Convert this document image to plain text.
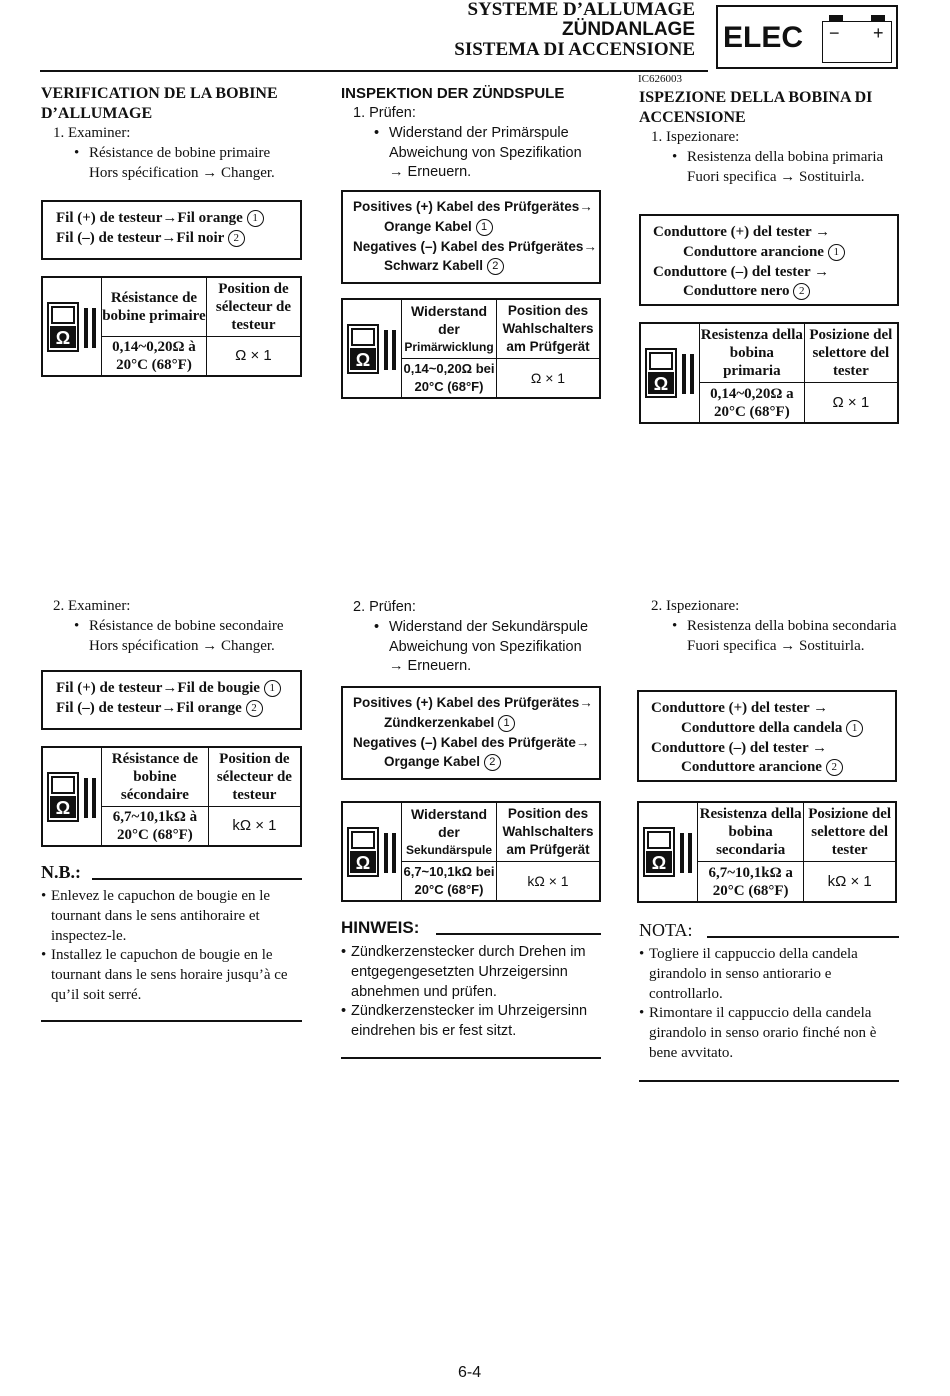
SYSTEME D’ALLUMAGE
ZÜNDANLAGE
SISTEMA DI ACCENSIONE ELEC − +
IC626003
VERIFICATION DE LA BOBINE D’ALLUMAGE
1. Examiner:
• Résistance de bobine primaire
Hors spécification → Changer.
Fil (+) de testeur→Fil orange 1
Fil (–) de testeur→Fil noir 2
Ω	Résistance de bobine primaire	Position de sélecteur de testeur
	0,14~0,20Ω à 20°C (68°F)	Ω × 1
INSPEKTION DER ZÜNDSPULE
1. Prüfen:
• Widerstand der Primärspule
Abweichung von Spezifikation
→ Erneuern.
Positives (+) Kabel des Prüfgerätes→
Orange Kabel 1
Negatives (–) Kabel des Prüfgerätes→
Schwarz Kabell 2
Ω	Widerstand der
Primärwicklung	Position des Wahlschalters am Prüfgerät
	0,14~0,20Ω bei 20°C (68°F)	Ω × 1
ISPEZIONE DELLA BOBINA DI ACCENSIONE
1. Ispezionare:
• Resistenza della bobina primaria
Fuori specifica → Sostituirla.
Conduttore (+) del tester →
Conduttore arancione 1
Conduttore (–) del tester →
Conduttore nero 2
Ω	Resistenza della bobina primaria	Posizione del selettore del tester
	0,14~0,20Ω a 20°C (68°F)	Ω × 1
2. Examiner:
• Résistance de bobine secondaire
Hors spécification → Changer.
Fil (+) de testeur→Fil de bougie 1
Fil (–) de testeur→Fil orange 2
Ω	Résistance de bobine sécondaire	Position de sélecteur de testeur
	6,7~10,1kΩ à 20°C (68°F)	kΩ × 1
N.B.:
• Enlevez le capuchon de bougie en le tournant dans le sens antihoraire et inspectez-le.
• Installez le capuchon de bougie en le tournant dans le sens horaire jusqu’à ce qu’il soit serré.
2. Prüfen:
• Widerstand der Sekundärspule
Abweichung von Spezifikation
→ Erneuern.
Positives (+) Kabel des Prüfgerätes→
Zündkerzenkabel 1
Negatives (–) Kabel des Prüfgeräte→
Organge Kabel 2
Ω	Widerstand der
Sekundärspule	Position des Wahlschalters am Prüfgerät
	6,7~10,1kΩ bei 20°C (68°F)	kΩ × 1
HINWEIS:
• Zündkerzenstecker durch Drehen im entgegengesetzten Uhrzeigersinn abnehmen und prüfen.
• Zündkerzenstecker im Uhrzeigersinn eindrehen bis er fest sitzt.
2. Ispezionare:
• Resistenza della bobina secondaria
Fuori specifica → Sostituirla.
Conduttore (+) del tester →
Conduttore della candela 1
Conduttore (–) del tester →
Conduttore arancione 2
Ω	Resistenza della bobina secondaria	Posizione del selettore del tester
	6,7~10,1kΩ a 20°C (68°F)	kΩ × 1
NOTA:
• Togliere il cappuccio della candela girandolo in senso antiorario e controllarlo.
• Rimontare il cappuccio della candela girandolo in senso orario finché non è bene avvitato.
6-4
